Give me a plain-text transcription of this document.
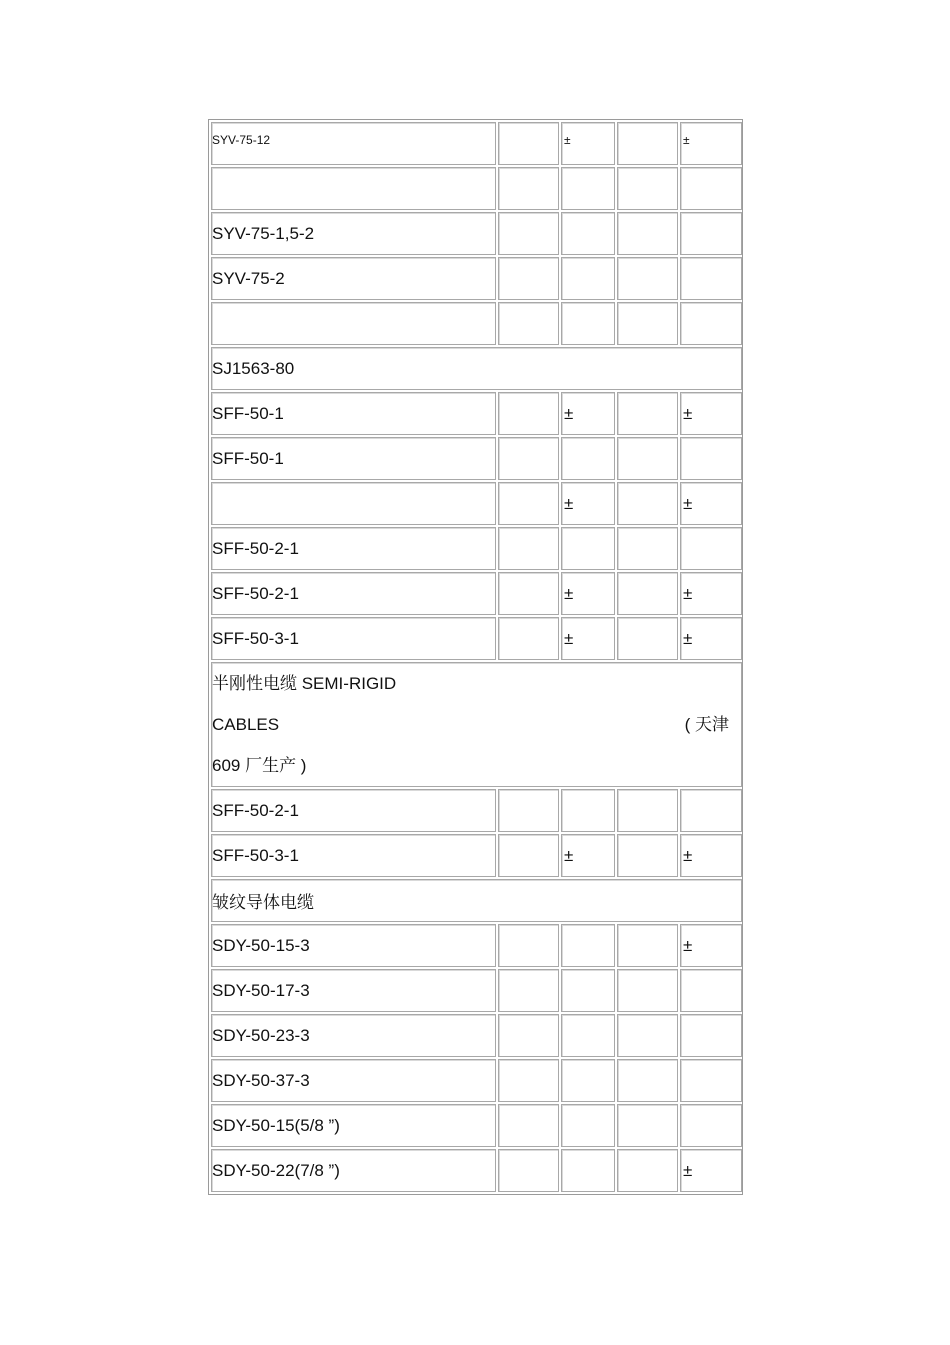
SYV-75-12		±		±

SYV-75-1,5-2				
SYV-75-2				

SJ1563-80				
SFF-50-1		±		±
SFF-50-1				
		±		±
SFF-50-2-1				
SFF-50-2-1		±		±
SFF-50-3-1		±		±

半刚性电缆 SEMI-RIGID
CABLES ( 天津
609 厂生产 )				

SFF-50-2-1				
SFF-50-3-1		±		±
皱纹导体电缆				
SDY-50-15-3				±
SDY-50-17-3				
SDY-50-23-3				
SDY-50-37-3				
SDY-50-15(5/8 ”)				
SDY-50-22(7/8 ”)				±
